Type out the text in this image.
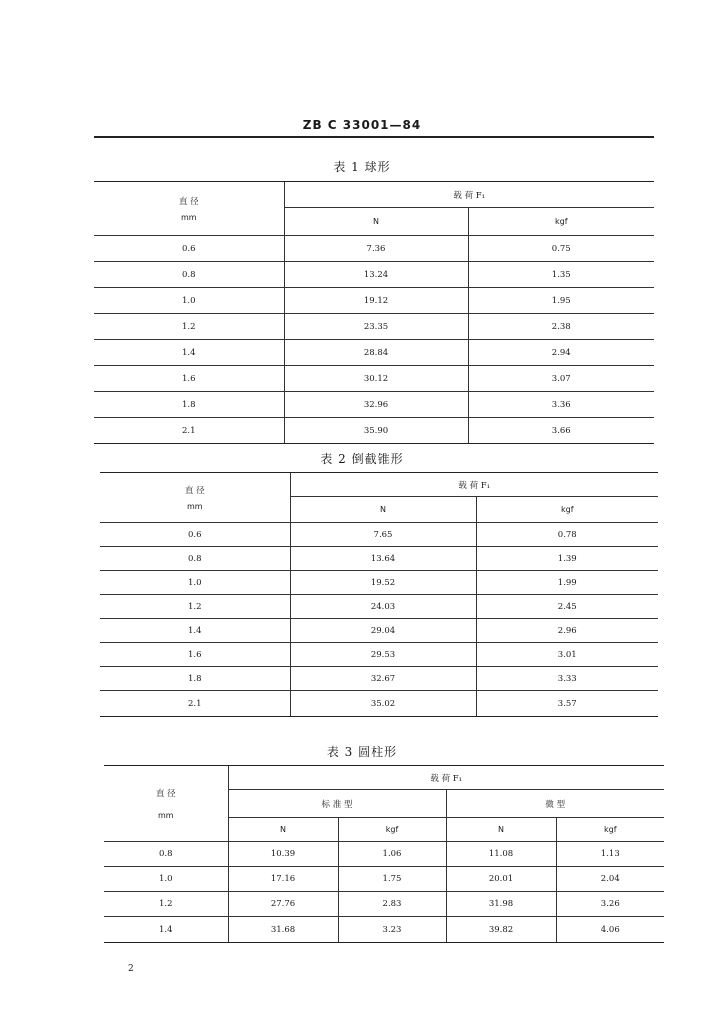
ZB C 33001—84
表 1 球形
直 径
mm	载 荷 F₁	
	N	kgf
0.6	7.36	0.75
0.8	13.24	1.35
1.0	19.12	1.95
1.2	23.35	2.38
1.4	28.84	2.94
1.6	30.12	3.07
1.8	32.96	3.36
2.1	35.90	3.66
表 2 倒截锥形
直 径
mm	载 荷 F₁	
	N	kgf
0.6	7.65	0.78
0.8	13.64	1.39
1.0	19.52	1.99
1.2	24.03	2.45
1.4	29.04	2.96
1.6	29.53	3.01
1.8	32.67	3.33
2.1	35.02	3.57
表 3 圆柱形
直 径
mm	载 荷 F₁			
	标 准 型		微 型	
	N	kgf	N	kgf
0.8	10.39	1.06	11.08	1.13
1.0	17.16	1.75	20.01	2.04
1.2	27.76	2.83	31.98	3.26
1.4	31.68	3.23	39.82	4.06
2
